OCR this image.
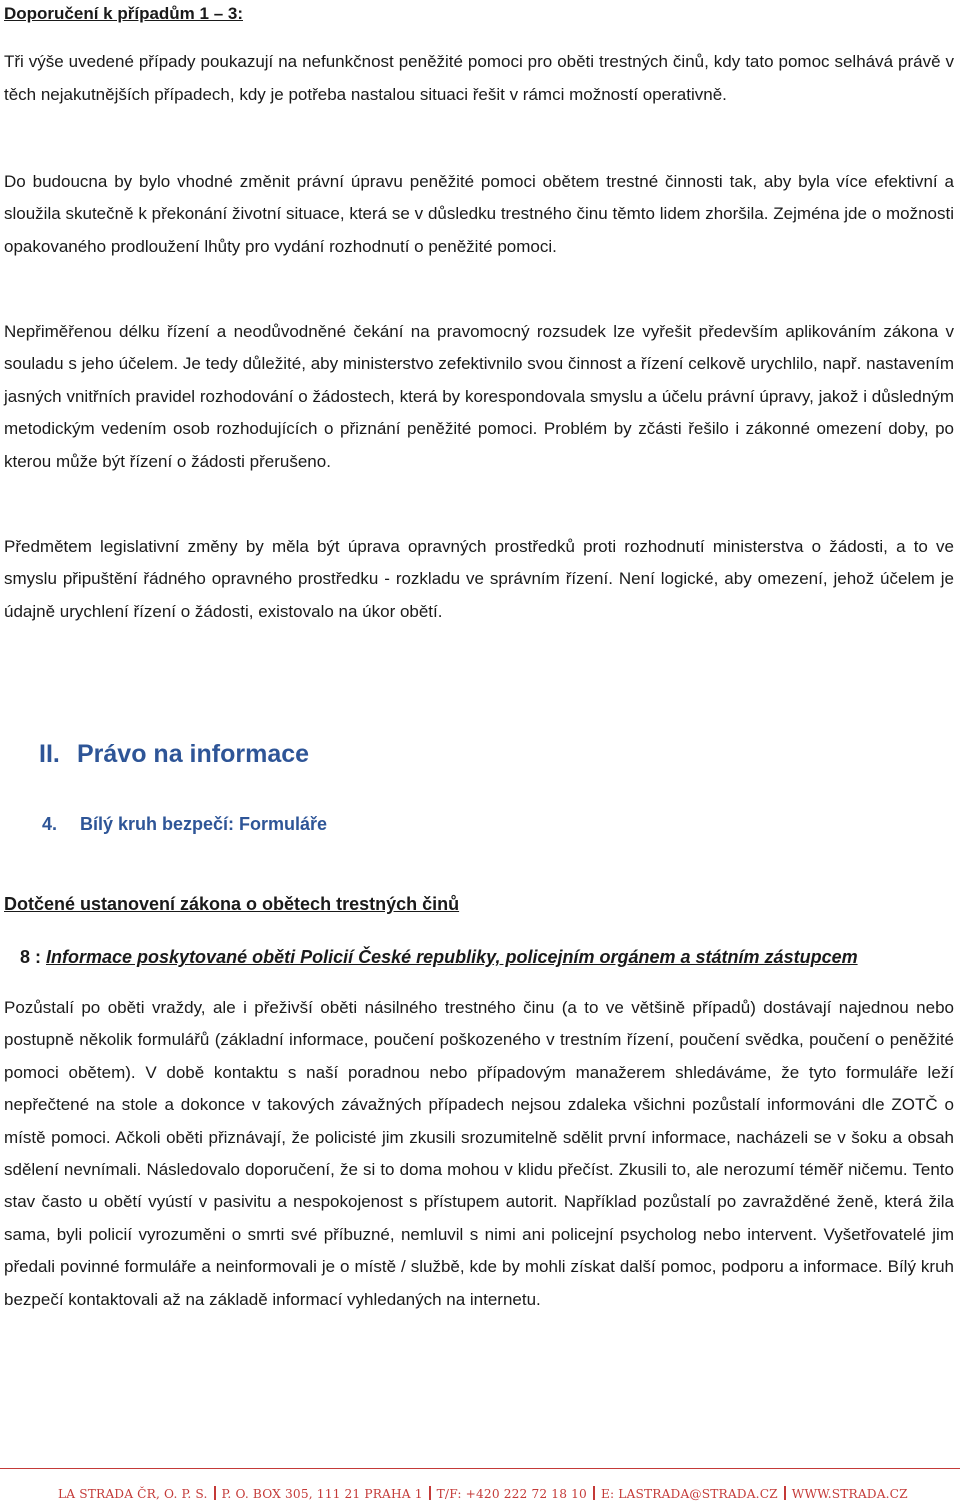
Doporučení k případům 1 – 3:

Tři výše uvedené případy poukazují na nefunkčnost peněžité pomoci pro oběti trestných činů, kdy tato pomoc selhává právě v těch nejakutnějších případech, kdy je potřeba nastalou situaci řešit v rámci možností operativně.

Do budoucna by bylo vhodné změnit právní úpravu peněžité pomoci obětem trestné činnosti tak, aby byla více efektivní a sloužila skutečně k překonání životní situace, která se v důsledku trestného činu těmto lidem zhoršila. Zejména jde o možnosti opakovaného prodloužení lhůty pro vydání rozhodnutí o peněžité pomoci.

Nepřiměřenou délku řízení a neodůvodněné čekání na pravomocný rozsudek lze vyřešit především aplikováním zákona v souladu s jeho účelem. Je tedy důležité, aby ministerstvo zefektivnilo svou činnost a řízení celkově urychlilo, např. nastavením jasných vnitřních pravidel rozhodování o žádostech, která by korespondovala smyslu a účelu právní úpravy, jakož i důsledným metodickým vedením osob rozhodujících o přiznání peněžité pomoci. Problém by zčásti řešilo i zákonné omezení doby, po kterou může být řízení o žádosti přerušeno.

Předmětem legislativní změny by měla být úprava opravných prostředků proti rozhodnutí ministerstva o žádosti, a to ve smyslu připuštění řádného opravného prostředku - rozkladu ve správním řízení. Není logické, aby omezení, jehož účelem je údajně urychlení řízení o žádosti, existovalo na úkor obětí.

II. Právo na informace
4. Bílý kruh bezpečí: Formuláře
Dotčené ustanovení zákona o obětech trestných činů
8 : Informace poskytované oběti Policií České republiky, policejním orgánem a státním zástupcem

Pozůstalí po oběti vraždy, ale i přeživší oběti násilného trestného činu (a to ve většině případů) dostávají najednou nebo postupně několik formulářů (základní informace, poučení poškozeného v trestním řízení, poučení svědka, poučení o peněžité pomoci obětem). V době kontaktu s naší poradnou nebo případovým manažerem shledáváme, že tyto formuláře leží nepřečtené na stole a dokonce v takových závažných případech nejsou zdaleka všichni pozůstalí informováni dle ZOTČ o místě pomoci. Ačkoli oběti přiznávají, že policisté jim zkusili srozumitelně sdělit první informace, nacházeli se v šoku a obsah sdělení nevnímali. Následovalo doporučení, že si to doma mohou v klidu přečíst. Zkusili to, ale nerozumí téměř ničemu. Tento stav často u obětí vyústí v pasivitu a nespokojenost s přístupem autorit. Například pozůstalí po zavražděné ženě, která žila sama, byli policií vyrozuměni o smrti své příbuzné, nemluvil s nimi ani policejní psycholog nebo intervent. Vyšetřovatelé jim předali povinné formuláře a neinformovali je o místě / službě, kde by mohli získat další pomoc, podporu a informace. Bílý kruh bezpečí kontaktovali až na základě informací vyhledaných na internetu.

LA STRADA ČR, O. P. S. P. O. BOX 305, 111 21 PRAHA 1 T/F: +420 222 72 18 10 E: LASTRADA@STRADA.CZ WWW.STRADA.CZ
